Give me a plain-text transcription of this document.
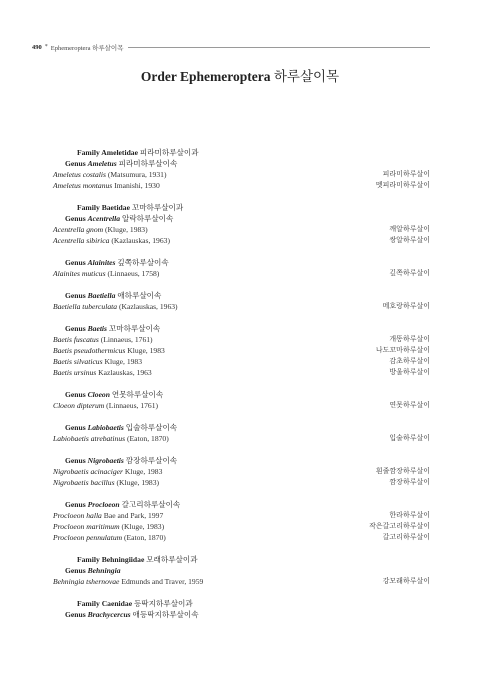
490 * Ephemeroptera 하루살이목
Order Ephemeroptera 하루살이목
Family Ameletidae 피라미하루살이과
Genus Ameletus 피라미하루살이속
Ameletus costalis (Matsumura, 1931)	피라미하루살이
Ameletus montanus Imanishi, 1930	멧피라미하루살이
Family Baetidae 꼬마하루살이과
Genus Acentrella 알락하루살이속
Acentrella gnom (Kluge, 1983)	깨알하루살이
Acentrella sibirica (Kazlauskas, 1963)	쌍알하루살이
Genus Alainites 깊쪽하루살이속
Alainites muticus (Linnaeus, 1758)	깊쪽하루살이
Genus Baetiella 애하루살이속
Baetiella tuberculata (Kazlauskas, 1963)	메호랑하루살이
Genus Baetis 꼬마하루살이속
Baetis fuscatus (Linnaeus, 1761)	개똥하루살이
Baetis pseudothermicus Kluge, 1983	나도꼬마하루살이
Baetis silvaticus Kluge, 1983	감초하루살이
Baetis ursinus Kazlauskas, 1963	방울하루살이
Genus Cloeon 연못하루살이속
Cloeon dipterum (Linnaeus, 1761)	연못하루살이
Genus Labiobaetis 입술하루살이속
Labiobaetis atrebatinus (Eaton, 1870)	입술하루살이
Genus Nigrobaetis 깜장하루살이속
Nigrobaetis acinaciger Kluge, 1983	흰줄깜장하루살이
Nigrobaetis bacillus (Kluge, 1983)	깜장하루살이
Genus Procloeon 갈고리하루살이속
Procloeon halla Bae and Park, 1997	한라하루살이
Procloeon maritimum (Kluge, 1983)	작은갈고리하루살이
Procloeon pennulatum (Eaton, 1870)	갈고리하루살이
Family Behningiidae 모래하루살이과
Genus Behningia
Behningia tshernovae Edmunds and Traver, 1959	강모래하루살이
Family Caenidae 등딱지하루살이과
Genus Brachycercus 애등딱지하루살이속
